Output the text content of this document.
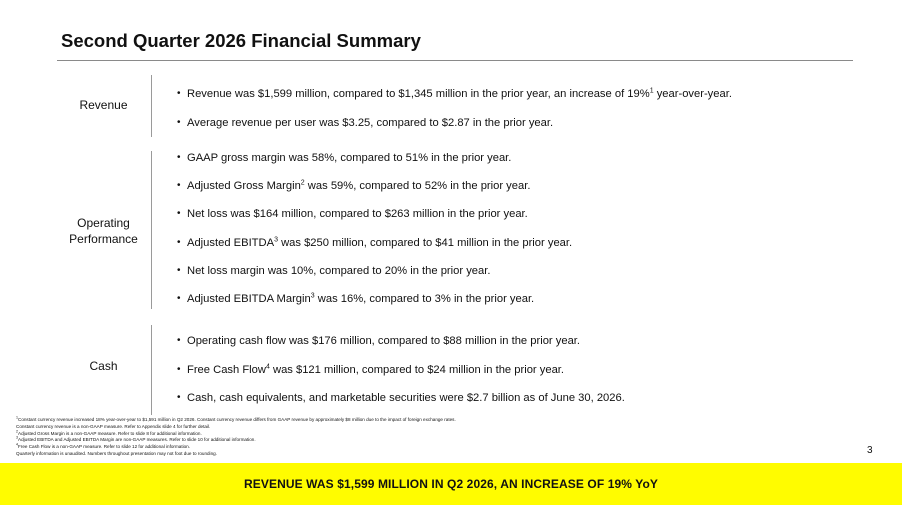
Second Quarter 2026 Financial Summary
Revenue
• Revenue was $1,599 million, compared to $1,345 million in the prior year, an increase of 19%$^1$ year-over-year.
• Average revenue per user was $3.25, compared to $2.87 in the prior year.
Operating
Performance
• GAAP gross margin was 58%, compared to 51% in the prior year.
• Adjusted Gross Margin$^2$ was 59%, compared to 52% in the prior year.
• Net loss was $164 million, compared to $263 million in the prior year.
• Adjusted EBITDA$^3$ was $250 million, compared to $41 million in the prior year.
• Net loss margin was 10%, compared to 20% in the prior year.
• Adjusted EBITDA Margin$^3$ was 16%, compared to 3% in the prior year.
Cash
• Operating cash flow was $176 million, compared to $88 million in the prior year.
• Free Cash Flow$^4$ was $121 million, compared to $24 million in the prior year.
• Cash, cash equivalents, and marketable securities were $2.7 billion as of June 30, 2026.
$^1$Constant currency revenue increased 18% year-over-year to $1,591 million in Q2 2026. Constant currency revenue differs from GAAP revenue by approximately $8 million due to the impact of foreign exchange rates.
Constant currency revenue is a non-GAAP measure. Refer to Appendix slide 4 for further detail.
$^2$Adjusted Gross Margin is a non-GAAP measure. Refer to slide 8 for additional information.
$^3$Adjusted EBITDA and Adjusted EBITDA Margin are non-GAAP measures. Refer to slide 10 for additional information.
$^4$Free Cash Flow is a non-GAAP measure. Refer to slide 12 for additional information.
Quarterly information is unaudited. Numbers throughout presentation may not foot due to rounding.	3
REVENUE WAS $1,599 MILLION IN Q2 2026, AN INCREASE OF 19% YoY
